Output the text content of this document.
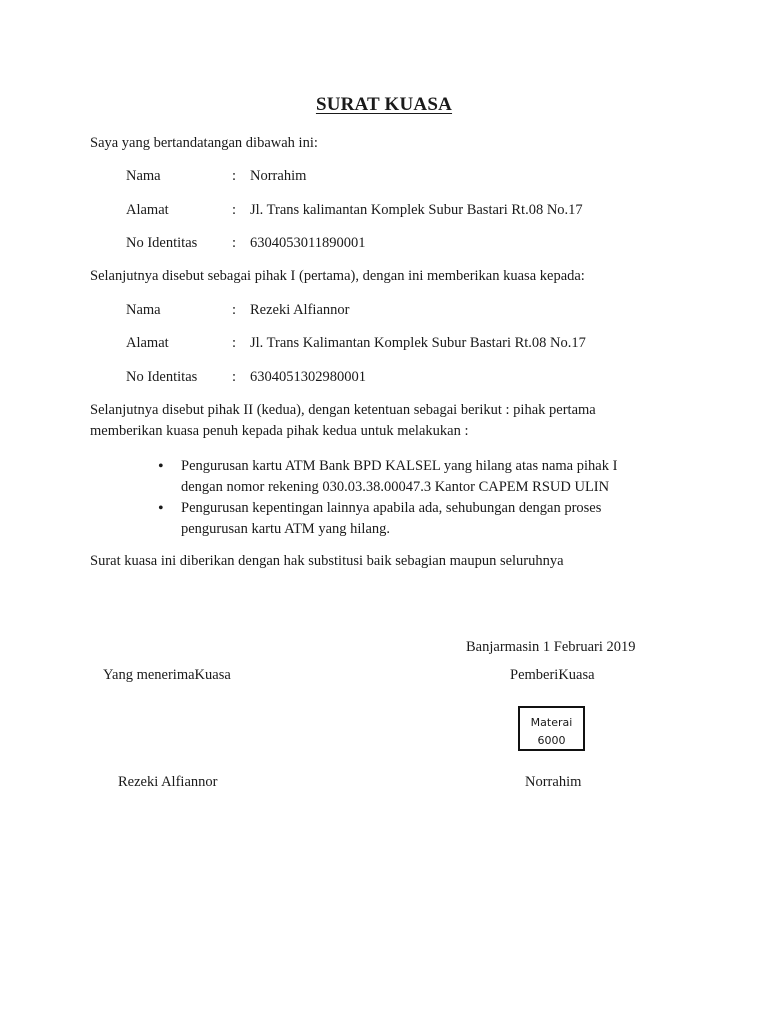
SURAT KUASA
Saya yang bertandatangan dibawah ini:
Nama	: Norrahim
Alamat	: Jl. Trans kalimantan Komplek Subur Bastari Rt.08 No.17
No Identitas : 6304053011890001
Selanjutnya disebut sebagai pihak I (pertama), dengan ini memberikan kuasa kepada:
Nama	: Rezeki Alfiannor
Alamat	: Jl. Trans Kalimantan Komplek Subur Bastari Rt.08 No.17
No Identitas : 6304051302980001
Selanjutnya disebut pihak II (kedua), dengan ketentuan sebagai berikut : pihak pertama
memberikan kuasa penuh kepada pihak kedua untuk melakukan :
• Pengurusan kartu ATM Bank BPD KALSEL yang hilang atas nama pihak I
dengan nomor rekening 030.03.38.00047.3 Kantor CAPEM RSUD ULIN
• Pengurusan kepentingan lainnya apabila ada, sehubungan dengan proses
pengurusan kartu ATM yang hilang.
Surat kuasa ini diberikan dengan hak substitusi baik sebagian maupun seluruhnya
Banjarmasin 1 Februari 2019
Yang menerimaKuasa	PemberiKuasa
Materai
6000
Rezeki Alfiannor	Norrahim
